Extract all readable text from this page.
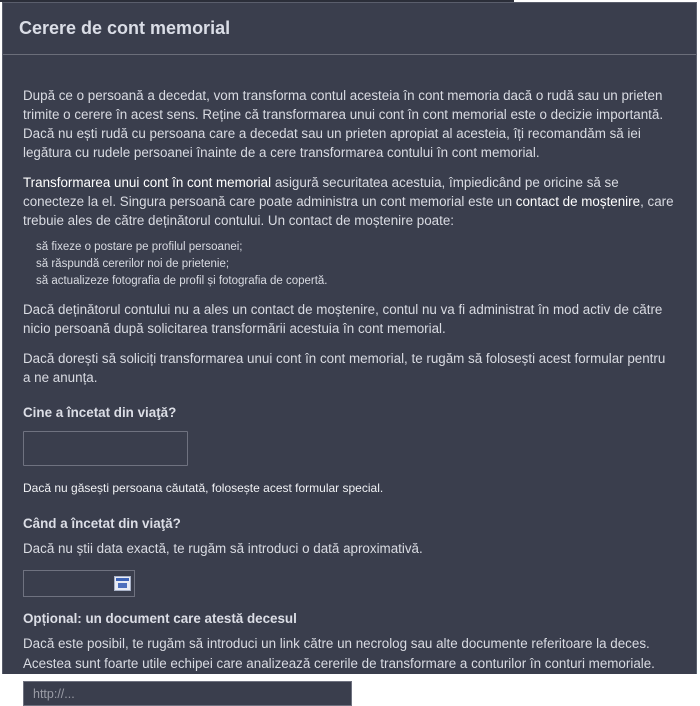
Cerere de cont memorial

După ce o persoană a decedat, vom transforma contul acesteia în cont memoria dacă o rudă sau un prieten trimite o cerere în acest sens. Reține că transformarea unui cont în cont memorial este o decizie importantă. Dacă nu ești rudă cu persoana care a decedat sau un prieten apropiat al acesteia, îți recomandăm să iei legătura cu rudele persoanei înainte de a cere transformarea contului în cont memorial.

Transformarea unui cont în cont memorial asigură securitatea acestuia, împiedicând pe oricine să se conecteze la el. Singura persoană care poate administra un cont memorial este un contact de moștenire, care trebuie ales de către deținătorul contului. Un contact de moștenire poate:

să fixeze o postare pe profilul persoanei;
să răspundă cererilor noi de prietenie;
să actualizeze fotografia de profil și fotografia de copertă.

Dacă deținătorul contului nu a ales un contact de moștenire, contul nu va fi administrat în mod activ de către nicio persoană după solicitarea transformării acestuia în cont memorial.

Dacă dorești să soliciți transformarea unui cont în cont memorial, te rugăm să folosești acest formular pentru a ne anunța.

Cine a încetat din viaţă?
Dacă nu găsești persoana căutată, folosește acest formular special.
Când a încetat din viaţă?
Dacă nu știi data exactă, te rugăm să introduci o dată aproximativă.
Opțional: un document care atestă decesul
Dacă este posibil, te rugăm să introduci un link către un necrolog sau alte documente referitoare la deces. Acestea sunt foarte utile echipei care analizează cererile de transformare a conturilor în conturi memoriale.
http://...
